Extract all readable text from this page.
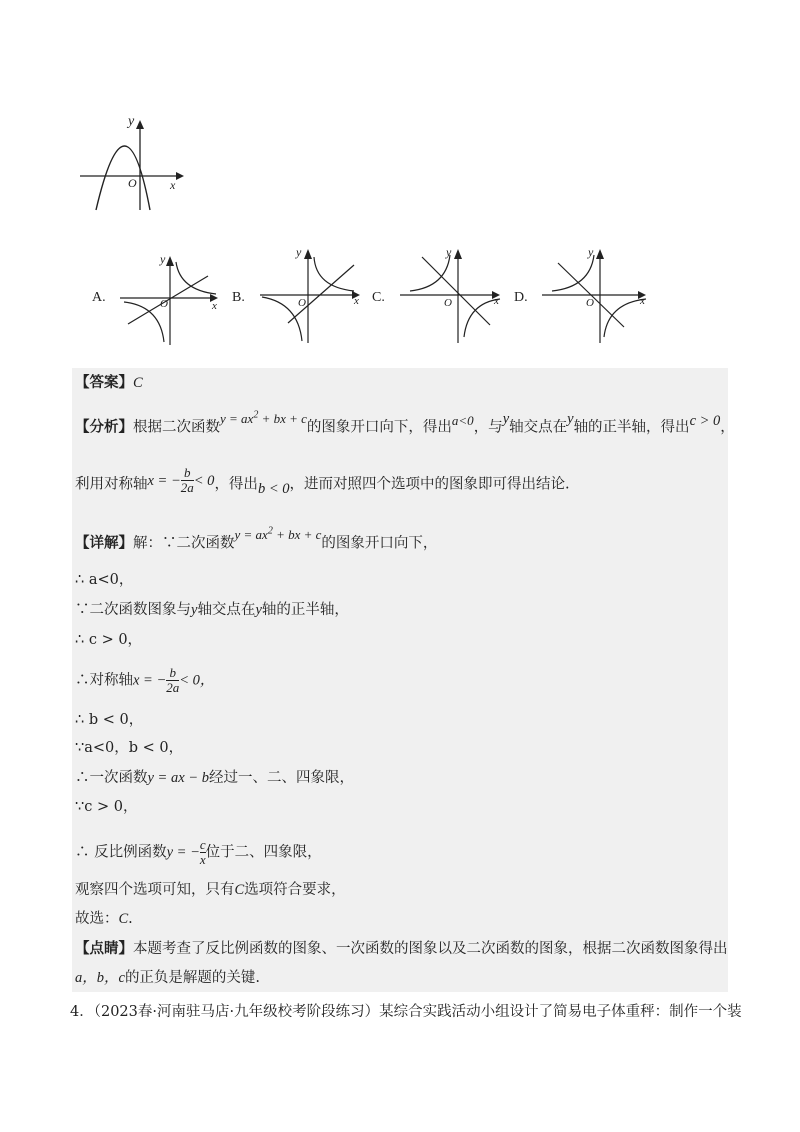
y
x
O
A.
y
x
O	B.
y
x
O	C.
y
x
O	D.
y
x
O
【答案】C
【分析】根据二次函数$y = ax^2$ + bx + c的图象开口向下，得出a<0，与y轴交点在y轴的正半轴，得出c > 0，
利用对称轴x = − $\frac{b}{2a} < 0$，得出b < 0，进而对照四个选项中的图象即可得出结论.
【详解】解：∵二次函数$y = ax^2$ + bx + c的图象开口向下，
∴ a<0，
∵二次函数图象与y轴交点在y轴的正半轴，
∴ c > 0，
∴对称轴x = − $\frac{b}{2a} < 0$，
∴ b < 0，
∵a<0，b < 0，
∴一次函数y = ax − b经过一、二、四象限，
∵c > 0，
∴ 反比例函数y = − $\frac{c}{x}$ 位于二、四象限，
观察四个选项可知，只有C选项符合要求，
故选：C.
【点睛】本题考查了反比例函数的图象、一次函数的图象以及二次函数的图象，根据二次函数图象得出
a，b，c的正负是解题的关键.
4．（2023春·河南驻马店·九年级校考阶段练习）某综合实践活动小组设计了简易电子体重秤：制作一个装
